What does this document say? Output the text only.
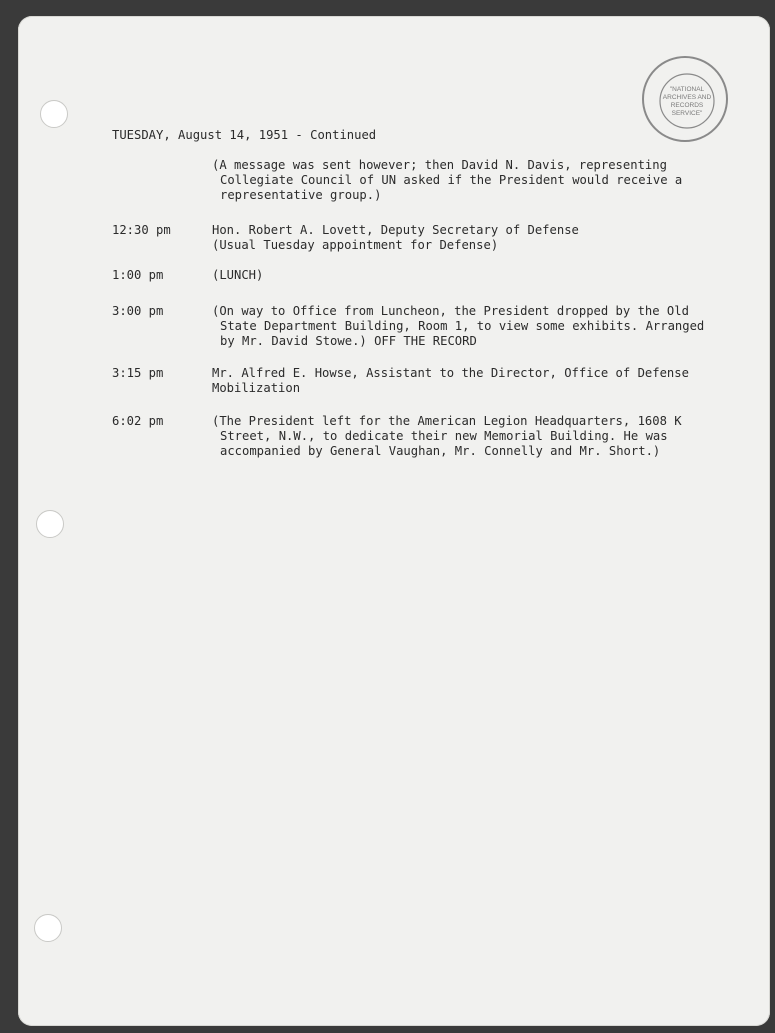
"NATIONAL
ARCHIVES AND
RECORDS
SERVICE"
TUESDAY, August 14, 1951 - Continued
(A message was sent however; then David N. Davis, representing
Collegiate Council of UN asked if the President would receive a
representative group.)
12:30 pm	Hon. Robert A. Lovett, Deputy Secretary of Defense
(Usual Tuesday appointment for Defense)
1:00 pm	(LUNCH)
3:00 pm	(On way to Office from Luncheon, the President dropped by the Old
State Department Building, Room 1, to view some exhibits. Arranged
by Mr. David Stowe.) OFF THE RECORD
3:15 pm	Mr. Alfred E. Howse, Assistant to the Director, Office of Defense
Mobilization
6:02 pm	(The President left for the American Legion Headquarters, 1608 K
Street, N.W., to dedicate their new Memorial Building. He was
accompanied by General Vaughan, Mr. Connelly and Mr. Short.)
